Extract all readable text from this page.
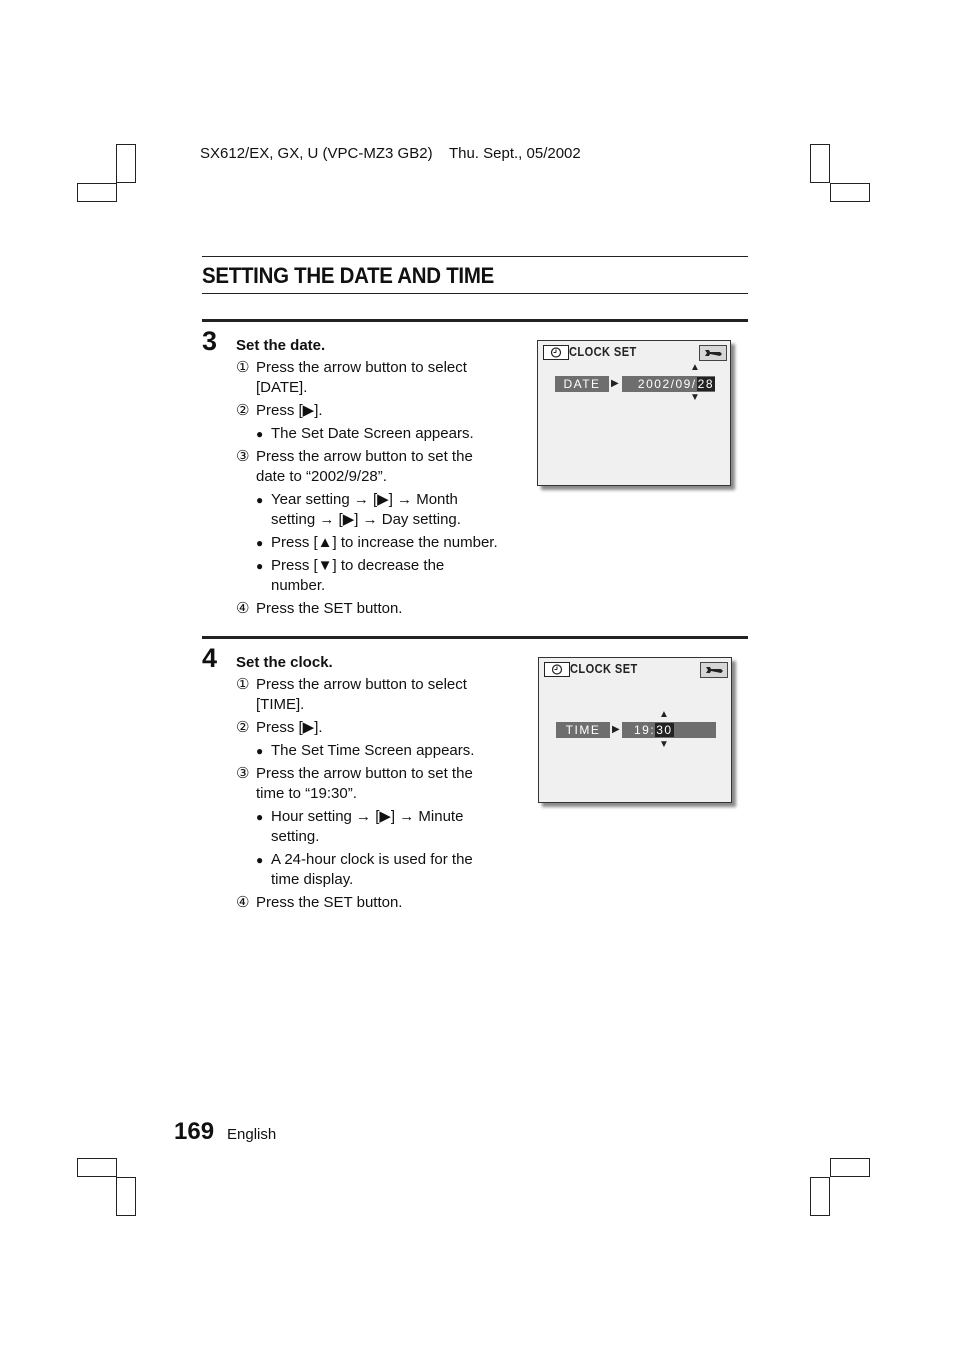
SX612/EX, GX, U (VPC-MZ3 GB2)    Thu. Sept., 05/2002
SETTING THE DATE AND TIME
3 Set the date.
① Press the arrow button to select
[DATE].
② Press [▶].
● The Set Date Screen appears.
③ Press the arrow button to set the
date to “2002/9/28”.
● Year setting → [▶] → Month
setting → [▶] → Day setting.
● Press [▲] to increase the number.
● Press [▼] to decrease the
number.
④ Press the SET button.
CLOCK SET
▲
DATE	▶	2002/09/28
▼
4 Set the clock.
① Press the arrow button to select
[TIME].
② Press [▶].
● The Set Time Screen appears.
③ Press the arrow button to set the
time to “19:30”.
● Hour setting → [▶] → Minute
setting.
● A 24-hour clock is used for the
time display.
④ Press the SET button.
CLOCK SET
▲
TIME	▶	19:30
▼
169 English
